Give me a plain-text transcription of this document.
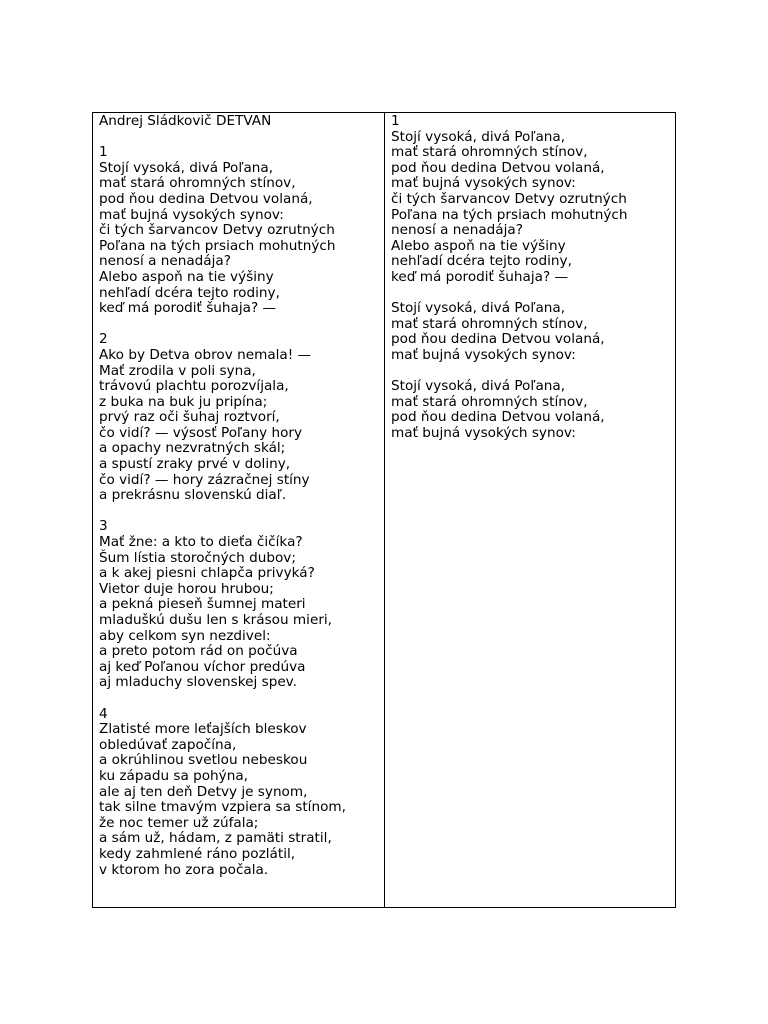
Andrej Sládkovič DETVAN
1
Stojí vysoká, divá Poľana,
mať stará ohromných stínov,
pod ňou dedina Detvou volaná,
mať bujná vysokých synov:
či tých šarvancov Detvy ozrutných
Poľana na tých prsiach mohutných
nenosí a nenadája?
Alebo aspoň na tie výšiny
nehľadí dcéra tejto rodiny,
keď má porodiť šuhaja? —
2
Ako by Detva obrov nemala! —
Mať zrodila v poli syna,
trávovú plachtu porozvíjala,
z buka na buk ju pripína;
prvý raz oči šuhaj roztvorí,
čo vidí? — výsosť Poľany hory
a opachy nezvratných skál;
a spustí zraky prvé v doliny,
čo vidí? — hory zázračnej stíny
a prekrásnu slovenskú diaľ.
3
Mať žne: a kto to dieťa čičíka?
Šum lístia storočných dubov;
a k akej piesni chlapča privyká?
Vietor duje horou hrubou;
a pekná pieseň šumnej materi
mladuškú dušu len s krásou mieri,
aby celkom syn nezdivel:
a preto potom rád on počúva
aj keď Poľanou víchor predúva
aj mladuchy slovenskej spev.
4
Zlatisté more leťajších bleskov
obledúvať započína,
a okrúhlinou svetlou nebeskou
ku západu sa pohýna,
ale aj ten deň Detvy je synom,
tak silne tmavým vzpiera sa stínom,
že noc temer už zúfala;
a sám už, hádam, z pamäti stratil,
kedy zahmlené ráno pozlátil,
v ktorom ho zora počala.
1
Stojí vysoká, divá Poľana,
mať stará ohromných stínov,
pod ňou dedina Detvou volaná,
mať bujná vysokých synov:
či tých šarvancov Detvy ozrutných
Poľana na tých prsiach mohutných
nenosí a nenadája?
Alebo aspoň na tie výšiny
nehľadí dcéra tejto rodiny,
keď má porodiť šuhaja? —
Stojí vysoká, divá Poľana,
mať stará ohromných stínov,
pod ňou dedina Detvou volaná,
mať bujná vysokých synov:
Stojí vysoká, divá Poľana,
mať stará ohromných stínov,
pod ňou dedina Detvou volaná,
mať bujná vysokých synov:
